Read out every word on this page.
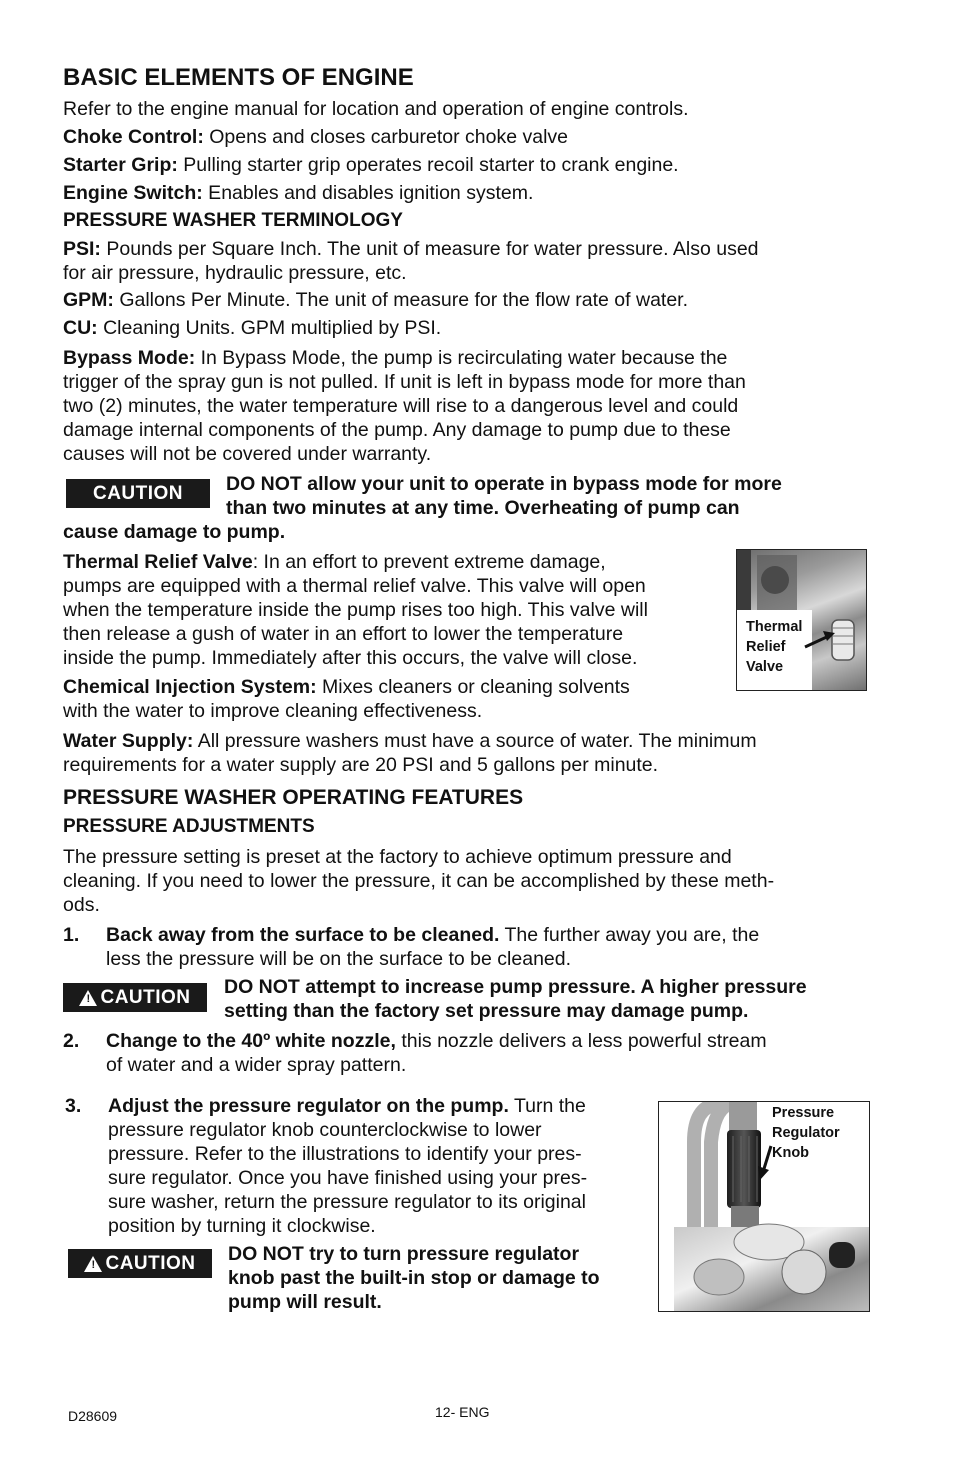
BASIC ELEMENTS OF ENGINE

Refer to the engine manual for location and operation of engine controls.

Choke Control: Opens and closes carburetor choke valve

Starter Grip: Pulling starter grip operates recoil starter to crank engine.

Engine Switch: Enables and disables ignition system.

PRESSURE WASHER TERMINOLOGY

PSI: Pounds per Square Inch. The unit of measure for water pressure. Also used
for air pressure, hydraulic pressure, etc.

GPM: Gallons Per Minute. The unit of measure for the flow rate of water.

CU: Cleaning Units. GPM multiplied by PSI.

Bypass Mode: In Bypass Mode, the pump is recirculating water because the
trigger of the spray gun is not pulled. If unit is left in bypass mode for more than
two (2) minutes, the water temperature will rise to a dangerous level and could
damage internal components of the pump. Any damage to pump due to these
causes will not be covered under warranty.

CAUTION DO NOT allow your unit to operate in bypass mode for more
than two minutes at any time. Overheating of pump can

cause damage to pump.

Thermal Relief Valve: In an effort to prevent extreme damage,
pumps are equipped with a thermal relief valve. This valve will open
when the temperature inside the pump rises too high. This valve will
then release a gush of water in an effort to lower the temperature
inside the pump. Immediately after this occurs, the valve will close.

Thermal
Relief
Valve

Chemical Injection System: Mixes cleaners or cleaning solvents
with the water to improve cleaning effectiveness.

Water Supply: All pressure washers must have a source of water. The minimum
requirements for a water supply are 20 PSI and 5 gallons per minute.

PRESSURE WASHER OPERATING FEATURES
PRESSURE ADJUSTMENTS

The pressure setting is preset at the factory to achieve optimum pressure and
cleaning. If you need to lower the pressure, it can be accomplished by these meth-
ods.

1. Back away from the surface to be cleaned. The further away you are, the
less the pressure will be on the surface to be cleaned.

! CAUTION DO NOT attempt to increase pump pressure. A higher pressure
setting than the factory set pressure may damage pump.

2. Change to the 40º white nozzle, this nozzle delivers a less powerful stream
of water and a wider spray pattern.

3. Adjust the pressure regulator on the pump. Turn the
pressure regulator knob counterclockwise to lower
pressure. Refer to the illustrations to identify your pres-
sure regulator. Once you have finished using your pres-
sure washer, return the pressure regulator to its original
position by turning it clockwise.

! CAUTION DO NOT try to turn pressure regulator
knob past the built-in stop or damage to
pump will result.

Pressure
Regulator
Knob
D28609	12- ENG
